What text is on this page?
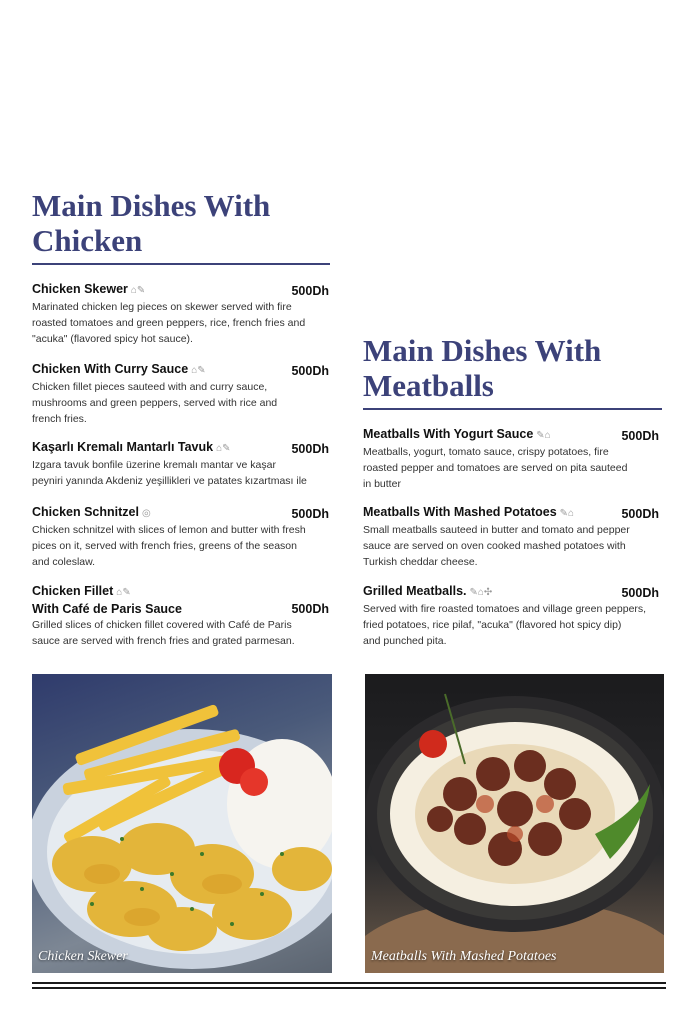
Main Dishes With
Chicken
Chicken Skewer ⌂✎	500Dh
Marinated chicken leg pieces on skewer served with fire
roasted tomatoes and green peppers, rice, french fries and
"acuka" (flavored spicy hot sauce).
Chicken With Curry Sauce ⌂✎	500Dh
Chicken fillet pieces sauteed with and curry sauce,
mushrooms and green peppers, served with rice and
french fries.
Kaşarlı Kremalı Mantarlı Tavuk ⌂✎	500Dh
Izgara tavuk bonfile üzerine kremalı mantar ve kaşar
peyniri yanında Akdeniz yeşillikleri ve patates kızartması ile
Chicken Schnitzel ◎	500Dh
Chicken schnitzel with slices of lemon and butter with fresh
pices on it, served with french fries, greens of the season
and coleslaw.
Chicken Fillet ⌂✎
With Café de Paris Sauce	500Dh
Grilled slices of chicken fillet covered with Café de Paris
sauce are served with french fries and grated parmesan.
Main Dishes With
Meatballs
Meatballs With Yogurt Sauce ✎⌂	500Dh
Meatballs, yogurt, tomato sauce, crispy potatoes, fire
roasted pepper and tomatoes are served on pita sauteed
in butter
Meatballs With Mashed Potatoes ✎⌂	500Dh
Small meatballs sauteed in butter and tomato and pepper
sauce are served on oven cooked mashed potatoes with
Turkish cheddar cheese.
Grilled Meatballs. ✎⌂✣	500Dh
Served with fire roasted tomatoes and village green peppers,
fried potatoes, rice pilaf, "acuka" (flavored hot spicy dip)
and punched pita.
Chicken Skewer	Meatballs With Mashed Potatoes
